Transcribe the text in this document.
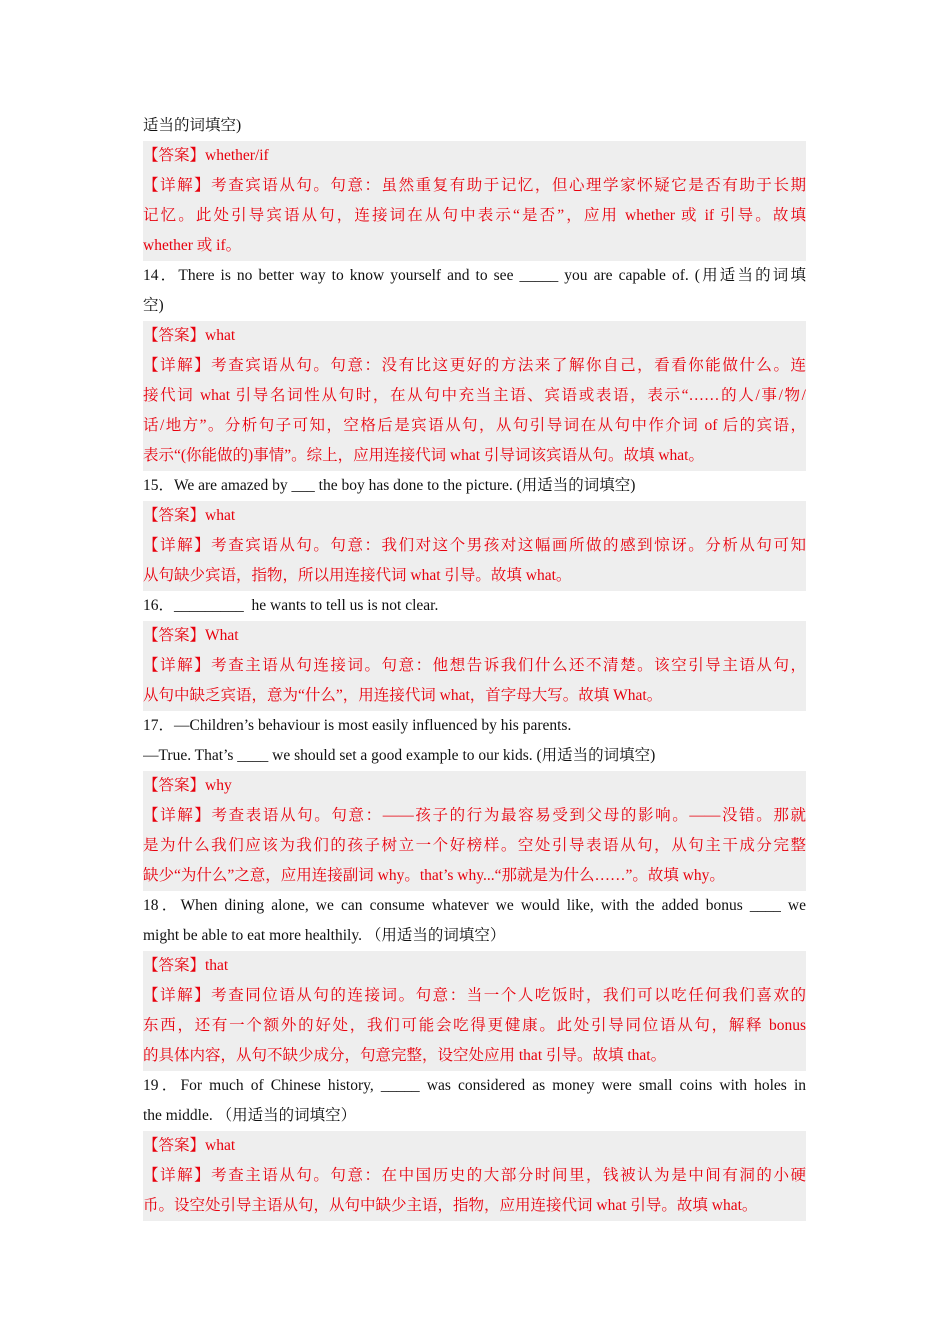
适当的词填空)
【答案】whether/if
【详解】考查宾语从句。句意：虽然重复有助于记忆，但心理学家怀疑它是否有助于长期
记忆。此处引导宾语从句，连接词在从句中表示“是否”，应用 whether 或 if 引导。故填
whether 或 if。
14．There is no better way to know yourself and to see _____ you are capable of. (用适当的词填
空)
【答案】what
【详解】考查宾语从句。句意：没有比这更好的方法来了解你自己，看看你能做什么。连
接代词 what 引导名词性从句时，在从句中充当主语、宾语或表语，表示“……的人/事/物/
话/地方”。分析句子可知，空格后是宾语从句，从句引导词在从句中作介词 of 后的宾语，
表示“(你能做的)事情”。综上，应用连接代词 what 引导词该宾语从句。故填 what。
15．We are amazed by ___ the boy has done to the picture. (用适当的词填空)
【答案】what
【详解】考查宾语从句。句意：我们对这个男孩对这幅画所做的感到惊讶。分析从句可知
从句缺少宾语，指物，所以用连接代词 what 引导。故填 what。
16．_________  he wants to tell us is not clear.
【答案】What
【详解】考查主语从句连接词。句意：他想告诉我们什么还不清楚。该空引导主语从句，
从句中缺乏宾语，意为“什么”，用连接代词 what，首字母大写。故填 What。
17．—Children’s behaviour is most easily influenced by his parents.
—True. That’s ____ we should set a good example to our kids. (用适当的词填空)
【答案】why
【详解】考查表语从句。句意：——孩子的行为最容易受到父母的影响。——没错。那就
是为什么我们应该为我们的孩子树立一个好榜样。空处引导表语从句，从句主干成分完整
缺少“为什么”之意，应用连接副词 why。that’s why...“那就是为什么……”。故填 why。
18．When dining alone, we can consume whatever we would like, with the added bonus ____ we
might be able to eat more healthily. （用适当的词填空）
【答案】that
【详解】考查同位语从句的连接词。句意：当一个人吃饭时，我们可以吃任何我们喜欢的
东西，还有一个额外的好处，我们可能会吃得更健康。此处引导同位语从句，解释 bonus
的具体内容，从句不缺少成分，句意完整，设空处应用 that 引导。故填 that。
19．For much of Chinese history, _____ was considered as money were small coins with holes in
the middle. （用适当的词填空）
【答案】what
【详解】考查主语从句。句意：在中国历史的大部分时间里，钱被认为是中间有洞的小硬
币。设空处引导主语从句，从句中缺少主语，指物，应用连接代词 what 引导。故填 what。
